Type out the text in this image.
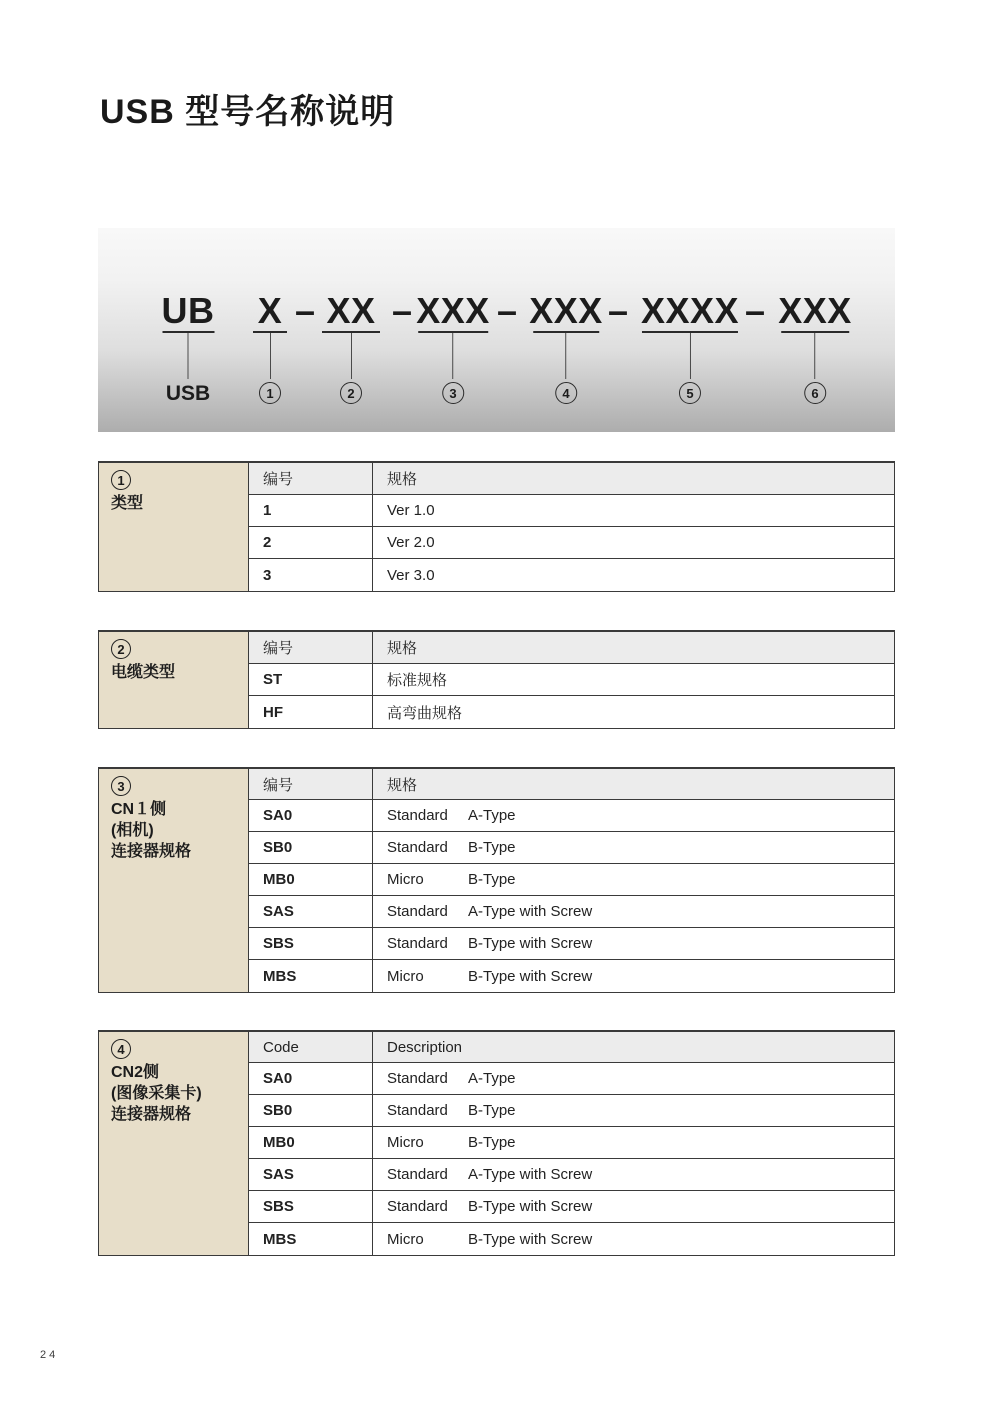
USB 型号名称说明
UB
USB
–
X
1
XX
2
– XXX
3
– XXX
4
– XXXX
5
– XXX
6
1
类型
编号	规格
1	Ver 1.0
2	Ver 2.0
3	Ver 3.0
2
电缆类型
编号	规格
ST	标准规格
HF	高弯曲规格
3
CN１侧
(相机)
连接器规格
编号	规格
SA0	Standard	A-Type
SB0	Standard	B-Type
MB0	Micro	B-Type
SAS	Standard	A-Type with Screw
SBS	Standard	B-Type with Screw
MBS	Micro	B-Type with Screw
4
CN2侧
(图像采集卡)
连接器规格
Code	Description
SA0	Standard	A-Type
SB0	Standard	B-Type
MB0	Micro	B-Type
SAS	Standard	A-Type with Screw
SBS	Standard	B-Type with Screw
MBS	Micro	B-Type with Screw
24
